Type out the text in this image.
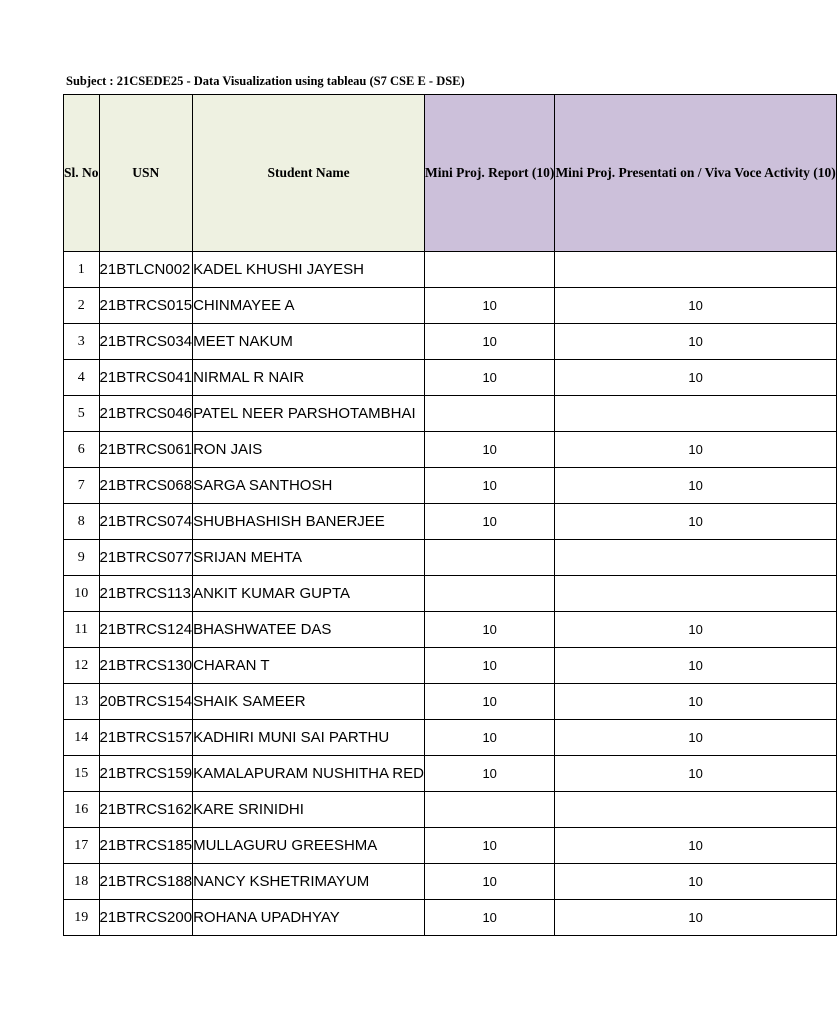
Subject : 21CSEDE25 - Data Visualization using tableau (S7 CSE E - DSE)
Sl. No	USN	Student Name	Mini Proj. Report (10)	Mini Proj. Presentati on / Viva Voce Activity (10)
1	21BTLCN002	KADEL KHUSHI JAYESH		
2	21BTRCS015	CHINMAYEE A	10	10
3	21BTRCS034	MEET NAKUM	10	10
4	21BTRCS041	NIRMAL R NAIR	10	10
5	21BTRCS046	PATEL NEER PARSHOTAMBHAI		
6	21BTRCS061	RON JAIS	10	10
7	21BTRCS068	SARGA SANTHOSH	10	10
8	21BTRCS074	SHUBHASHISH BANERJEE	10	10
9	21BTRCS077	SRIJAN MEHTA		
10	21BTRCS113	ANKIT KUMAR GUPTA		
11	21BTRCS124	BHASHWATEE DAS	10	10
12	21BTRCS130	CHARAN T	10	10
13	20BTRCS154	SHAIK SAMEER	10	10
14	21BTRCS157	KADHIRI MUNI SAI PARTHU	10	10
15	21BTRCS159	KAMALAPURAM NUSHITHA RED	10	10
16	21BTRCS162	KARE SRINIDHI		
17	21BTRCS185	MULLAGURU GREESHMA	10	10
18	21BTRCS188	NANCY KSHETRIMAYUM	10	10
19	21BTRCS200	ROHANA UPADHYAY	10	10
